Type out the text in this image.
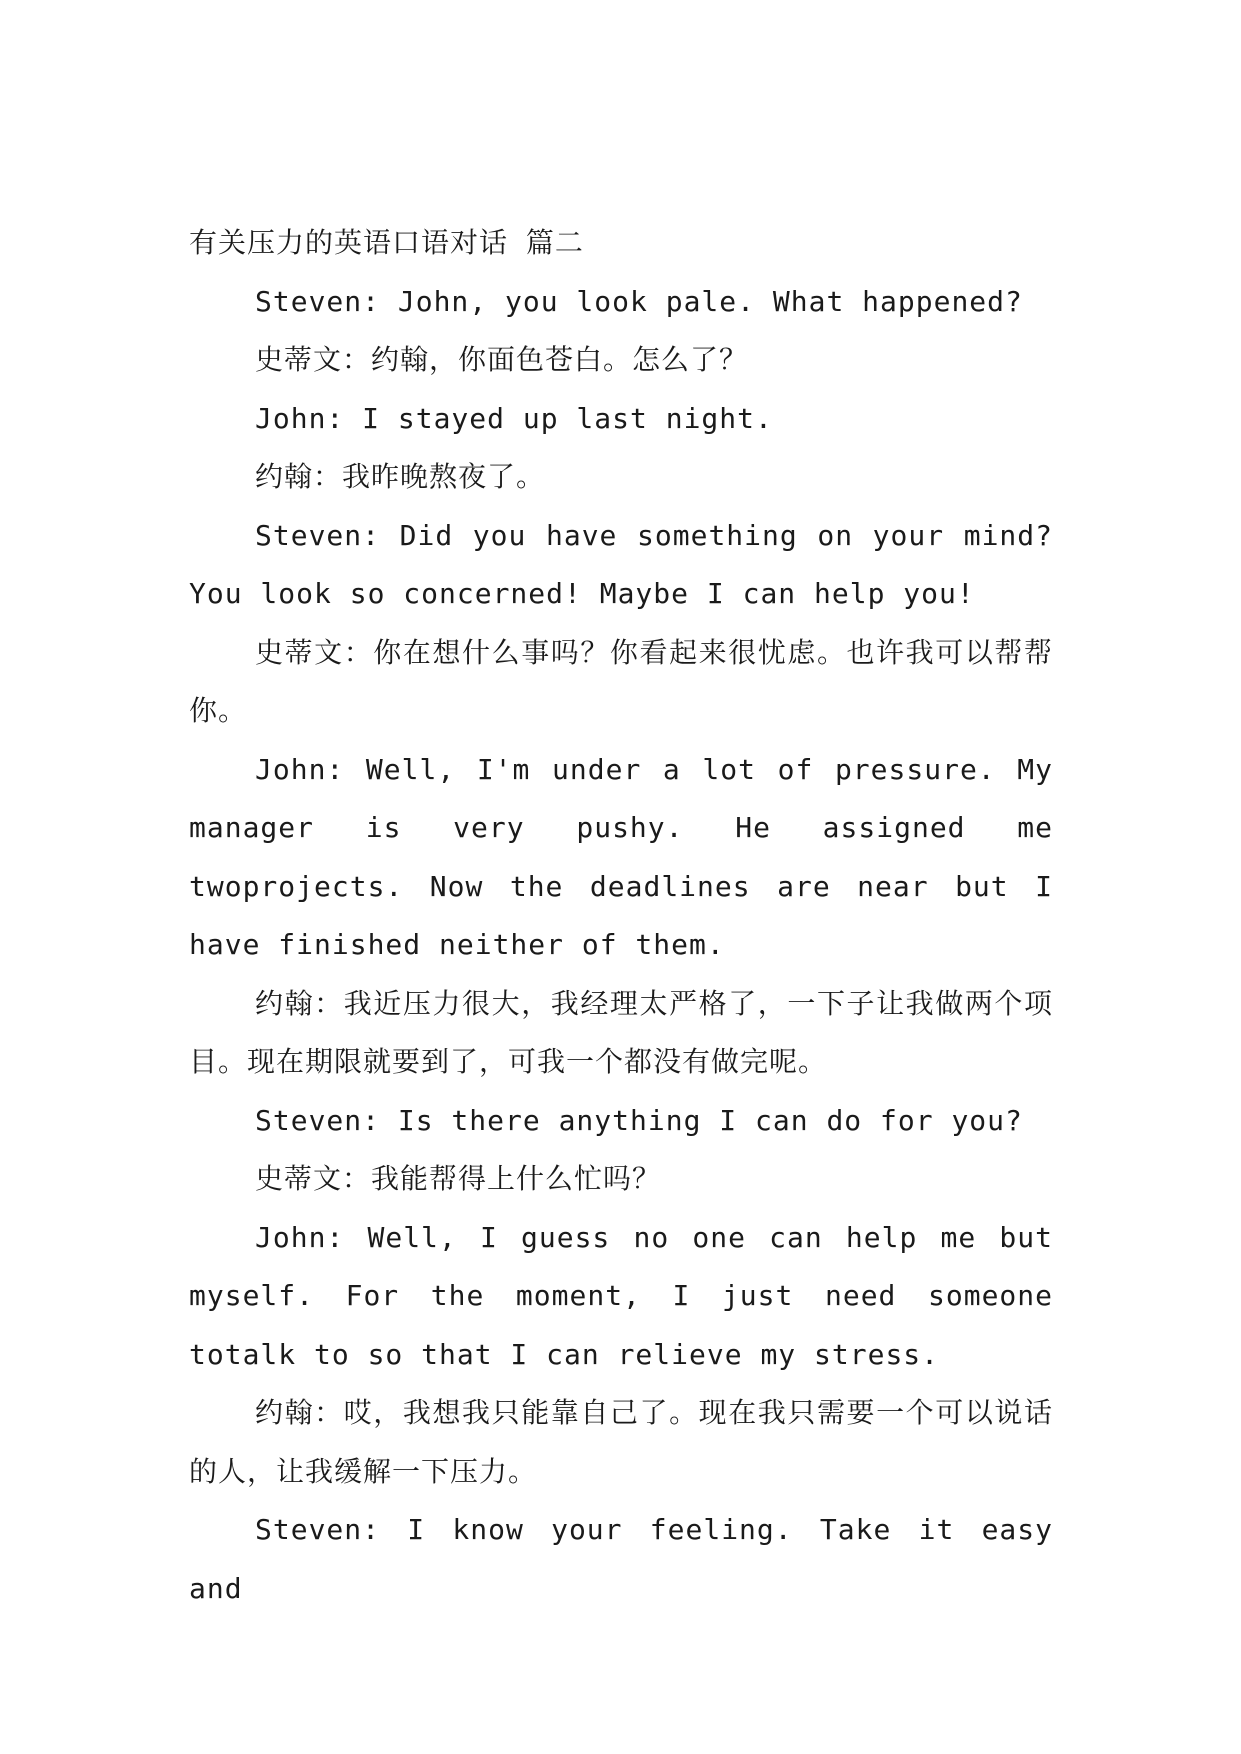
有关压力的英语口语对话 篇二

Steven: John, you look pale. What happened?

史蒂文：约翰，你面色苍白。怎么了？

John: I stayed up last night.

约翰：我昨晚熬夜了。

Steven: Did you have something on your mind? You look so concerned! Maybe I can help you!

史蒂文：你在想什么事吗？你看起来很忧虑。也许我可以帮帮你。

John: Well, I'm under a lot of pressure. My manager is very pushy. He assigned me twoprojects. Now the deadlines are near but I have finished neither of them.

约翰：我近压力很大，我经理太严格了，一下子让我做两个项目。现在期限就要到了，可我一个都没有做完呢。

Steven: Is there anything I can do for you?

史蒂文：我能帮得上什么忙吗？

John: Well, I guess no one can help me but myself. For the moment, I just need someone totalk to so that I can relieve my stress.

约翰：哎，我想我只能靠自己了。现在我只需要一个可以说话的人，让我缓解一下压力。

Steven: I know your feeling. Take it easy and
